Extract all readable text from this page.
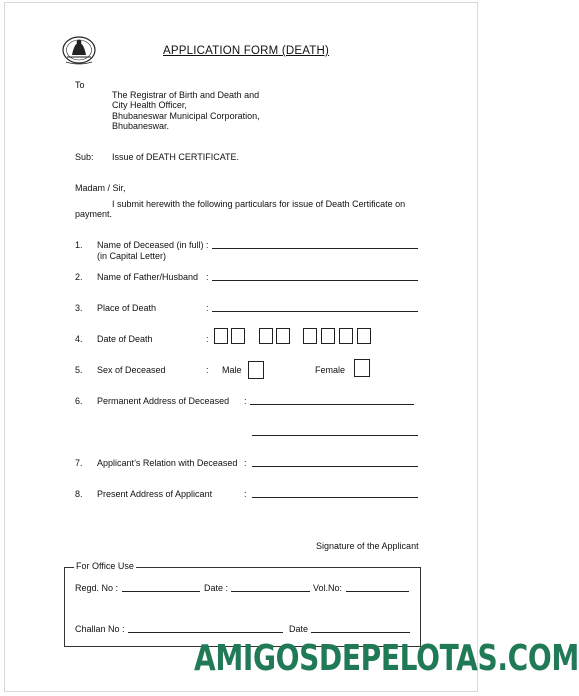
APPLICATION FORM (DEATH)
To
The Registrar of Birth and Death and
City Health Officer,
Bhubaneswar Municipal Corporation,
Bhubaneswar.
Sub: Issue of DEATH CERTIFICATE.
Madam / Sir,
I submit herewith the following particulars for issue of Death Certificate on
payment.
1. Name of Deceased (in full) :
(in Capital Letter)
2. Name of Father/Husband :
3. Place of Death	:
4. Date of Death	:
5. Sex of Deceased	: Male	Female
6. Permanent Address of Deceased :
7. Applicant’s Relation with Deceased :
8. Present Address of Applicant	:
Signature of the Applicant
For Office Use
Regd. No :	Date :	Vol.No:
Challan No :	Date
AMIGOSDEPELOTAS.COM
